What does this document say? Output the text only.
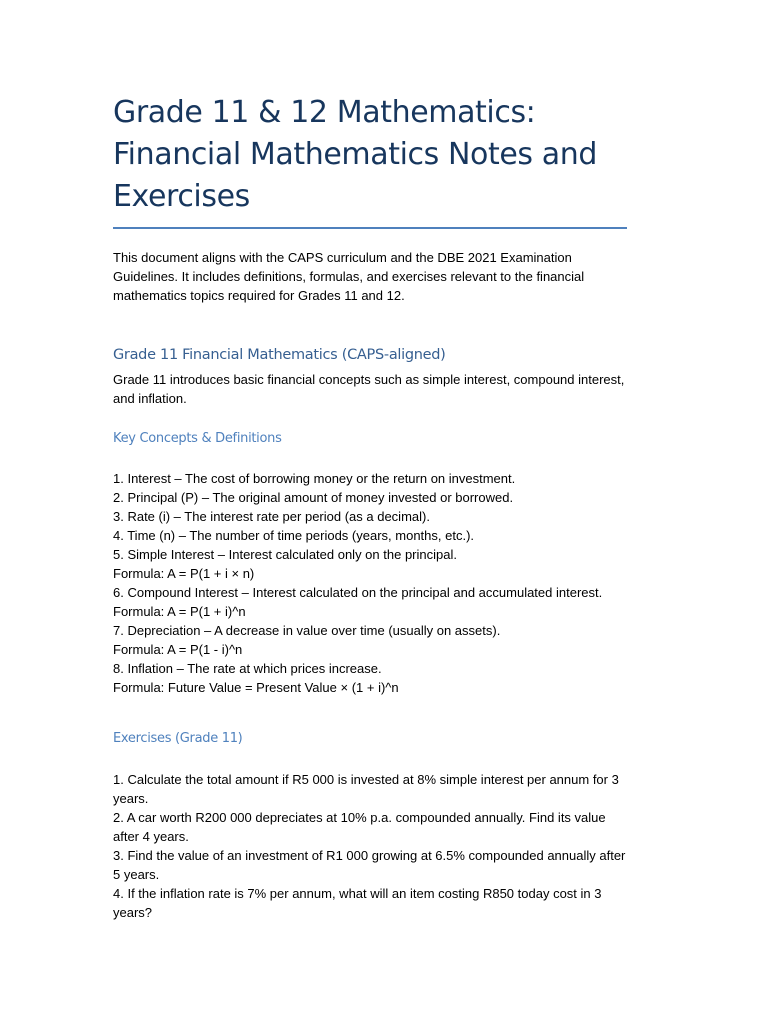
Grade 11 & 12 Mathematics: Financial Mathematics Notes and Exercises
This document aligns with the CAPS curriculum and the DBE 2021 Examination Guidelines. It includes definitions, formulas, and exercises relevant to the financial mathematics topics required for Grades 11 and 12.
Grade 11 Financial Mathematics (CAPS-aligned)
Grade 11 introduces basic financial concepts such as simple interest, compound interest, and inflation.
Key Concepts & Definitions
1. Interest – The cost of borrowing money or the return on investment.
2. Principal (P) – The original amount of money invested or borrowed.
3. Rate (i) – The interest rate per period (as a decimal).
4. Time (n) – The number of time periods (years, months, etc.).
5. Simple Interest – Interest calculated only on the principal.
Formula: A = P(1 + i × n)
6. Compound Interest – Interest calculated on the principal and accumulated interest.
Formula: A = P(1 + i)^n
7. Depreciation – A decrease in value over time (usually on assets).
Formula: A = P(1 - i)^n
8. Inflation – The rate at which prices increase.
Formula: Future Value = Present Value × (1 + i)^n
Exercises (Grade 11)
1. Calculate the total amount if R5 000 is invested at 8% simple interest per annum for 3 years.
2. A car worth R200 000 depreciates at 10% p.a. compounded annually. Find its value after 4 years.
3. Find the value of an investment of R1 000 growing at 6.5% compounded annually after 5 years.
4. If the inflation rate is 7% per annum, what will an item costing R850 today cost in 3 years?
